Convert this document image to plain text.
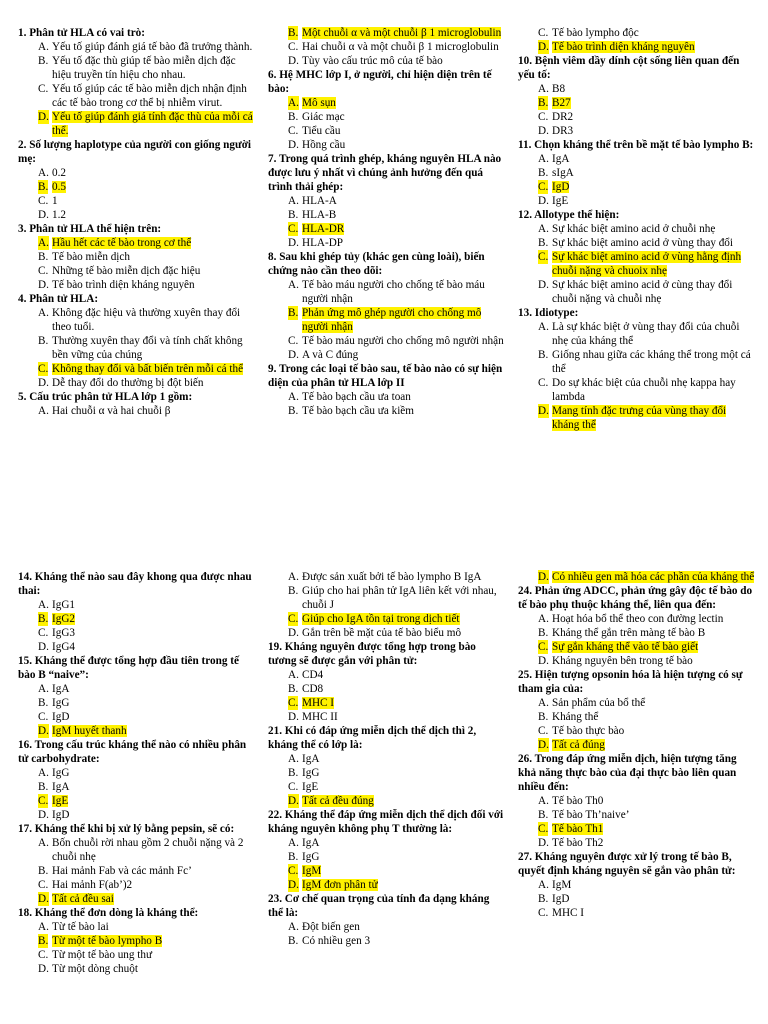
1. Phân tử HLA có vai trò:
A. Yếu tố giúp đánh giá tế bào đã trưởng thành.
B. Yếu tố đặc thù giúp tế bào miễn dịch đặc hiệu truyền tín hiệu cho nhau.
C. Yếu tố giúp các tế bào miễn dịch nhận định các tế bào trong cơ thể bị nhiễm virut.
D. Yếu tố giúp đánh giá tính đặc thù của mỗi cá thể.
2. Số lượng haplotype của người con giống người mẹ:
A. 0.2
B. 0.5
C. 1
D. 1.2
3. Phân tử HLA thể hiện trên:
A. Hầu hết các tế bào trong cơ thể
B. Tế bào miễn dịch
C. Những tế bào miễn dịch đặc hiệu
D. Tế bào trình diện kháng nguyên
4. Phân tử HLA:
A. Không đặc hiệu và thường xuyên thay đổi theo tuổi.
B. Thường xuyên thay đổi và tính chất không bền vững của chúng
C. Không thay đổi và bất biến trên mỗi cá thể
D. Dễ thay đổi do thường bị đột biến
5. Cấu trúc phân tử HLA lớp 1 gồm:
A. Hai chuỗi α và hai chuỗi β
B. Một chuỗi α và một chuỗi β 1 microglobulin
C. Hai chuỗi α và một chuỗi β 1 microglobulin
D. Tùy vào cấu trúc mô của tế bào
6. Hệ MHC lớp I, ở người, chỉ hiện diện trên tế bào:
A. Mô sụn
B. Giác mạc
C. Tiểu cầu
D. Hồng cầu
7. Trong quá trình ghép, kháng nguyên HLA nào được lưu ý nhất vì chúng ảnh hưởng đến quá trình thải ghép:
A. HLA-A
B. HLA-B
C. HLA-DR
D. HLA-DP
8. Sau khi ghép tủy (khác gen cùng loài), biến chứng nào cần theo dõi:
A. Tế bào máu người cho chống tế bào máu người nhận
B. Phản ứng mô ghép người cho chống mô người nhận
C. Tế bào máu người cho chống mô người nhận
D. A và C đúng
9. Trong các loại tế bào sau, tế bào nào có sự hiện diện của phân tử HLA lớp II
A. Tế bào bạch cầu ưa toan
B. Tế bào bạch cầu ưa kiềm
C. Tế bào lympho độc
D. Tế bào trình diện kháng nguyên
10. Bệnh viêm dầy dính cột sống liên quan đến yếu tố:
A. B8
B. B27
C. DR2
D. DR3
11. Chọn kháng thể trên bề mặt tế bào lympho B:
A. IgA
B. sIgA
C. IgD
D. IgE
12. Allotype thể hiện:
A. Sự khác biệt amino acid ở chuỗi nhẹ
B. Sự khác biệt amino acid ở vùng thay đổi
C. Sự khác biệt amino acid ở vùng hằng định chuỗi nặng và chuoix nhẹ
D. Sự khác biệt amino acid ở cùng thay đổi chuỗi nặng và chuỗi nhẹ
13. Idiotype:
A. Là sự khác biệt ở vùng thay đổi của chuỗi nhẹ của kháng thể
B. Giống nhau giữa các kháng thể trong một cá thể
C. Do sự khác biệt của chuỗi nhẹ kappa hay lambda
D. Mang tính đặc trưng của vùng thay đổi kháng thể
14. Kháng thể nào sau đây khong qua được nhau thai:
A. IgG1
B. IgG2
C. IgG3
D. IgG4
15. Kháng thể được tổng hợp đầu tiên trong tế bào B “naive”:
A. IgA
B. IgG
C. IgD
D. IgM huyết thanh
16. Trong cấu trúc kháng thể nào có nhiều phân tử carbohydrate:
A. IgG
B. IgA
C. IgE
D. IgD
17. Kháng thể khi bị xử lý bằng pepsin, sẽ có:
A. Bốn chuỗi rời nhau gồm 2 chuỗi nặng và 2 chuỗi nhẹ
B. Hai mảnh Fab và các mảnh Fc’
C. Hai mảnh F(ab’)2
D. Tất cả đều sai
18. Kháng thể đơn dòng là kháng thể:
A. Từ tế bào lai
B. Từ một tế bào lympho B
C. Từ một tế bào ung thư
D. Từ một dòng chuột
A. Được sản xuất bởi tế bào lympho B IgA
B. Giúp cho hai phân tử IgA liên kết với nhau, chuỗi J
C. Giúp cho IgA tồn tại trong dịch tiết
D. Gắn trên bề mặt của tế bào biểu mô
19. Kháng nguyên được tổng hợp trong bào tương sẽ được gắn với phân tử:
A. CD4
B. CD8
C. MHC I
D. MHC II
21. Khi có đáp ứng miễn dịch thể dịch thì 2, kháng thể có lớp là:
A. IgA
B. IgG
C. IgE
D. Tất cả đều đúng
22. Kháng thể đáp ứng miễn dịch thể dịch đối với kháng nguyên không phụ T thường là:
A. IgA
B. IgG
C. IgM
D. IgM đơn phân tử
23. Cơ chế quan trọng của tính đa dạng kháng thể là:
A. Đột biến gen
B. Có nhiều gen 3
D. Có nhiều gen mã hóa các phần của kháng thể
24. Phản ứng ADCC, phản ứng gây độc tế bào do tế bào phụ thuộc kháng thể, liên qua đến:
A. Hoạt hóa bổ thể theo con đường lectin
B. Kháng thể gắn trên màng tế bào B
C. Sự gắn kháng thể vào tế bào giết
D. Kháng nguyên bên trong tế bào
25. Hiện tượng opsonin hóa là hiện tượng có sự tham gia của:
A. Sản phẩm của bổ thể
B. Kháng thể
C. Tế bào thực bào
D. Tất cả đúng
26. Trong đáp ứng miễn dịch, hiện tượng tăng khả năng thực bào của đại thực bào liên quan nhiều đến:
A. Tế bào Th0
B. Tế bào Th’naive’
C. Tế bào Th1
D. Tế bào Th2
27. Kháng nguyên được xử lý trong tế bào B, quyết định kháng nguyên sẽ gắn vào phân tử:
A. IgM
B. IgD
C. MHC I
